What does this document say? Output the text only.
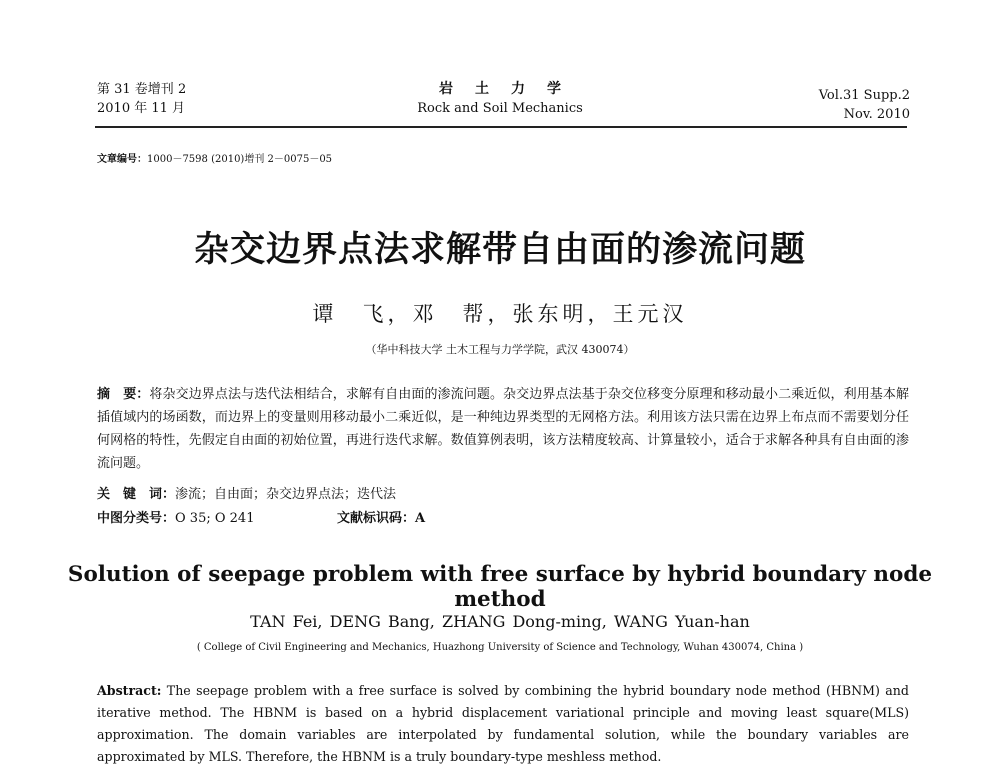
第 31 卷增刊 2
2010 年 11 月
岩土力学
Rock and Soil Mechanics
Vol.31 Supp.2
Nov. 2010
文章编号：1000－7598 (2010)增刊 2－0075－05
杂交边界点法求解带自由面的渗流问题
谭　飞，邓　帮，张东明，王元汉
（华中科技大学 土木工程与力学学院，武汉 430074）
摘　要：将杂交边界点法与迭代法相结合，求解有自由面的渗流问题。杂交边界点法基于杂交位移变分原理和移动最小二乘近似，利用基本解插值域内的场函数，而边界上的变量则用移动最小二乘近似，是一种纯边界类型的无网格方法。利用该方法只需在边界上布点而不需要划分任何网格的特性，先假定自由面的初始位置，再进行迭代求解。数值算例表明，该方法精度较高、计算量较小，适合于求解各种具有自由面的渗流问题。
关　键　词：渗流；自由面；杂交边界点法；迭代法
中图分类号：O 35; O 241	文献标识码：A
Solution of seepage problem with free surface by hybrid boundary node method
TAN Fei, DENG Bang, ZHANG Dong-ming, WANG Yuan-han
( College of Civil Engineering and Mechanics, Huazhong University of Science and Technology, Wuhan 430074, China )
Abstract: The seepage problem with a free surface is solved by combining the hybrid boundary node method (HBNM) and iterative method. The HBNM is based on a hybrid displacement variational principle and moving least square(MLS) approximation. The domain variables are interpolated by fundamental solution, while the boundary variables are approximated by MLS. Therefore, the HBNM is a truly boundary-type meshless method.
